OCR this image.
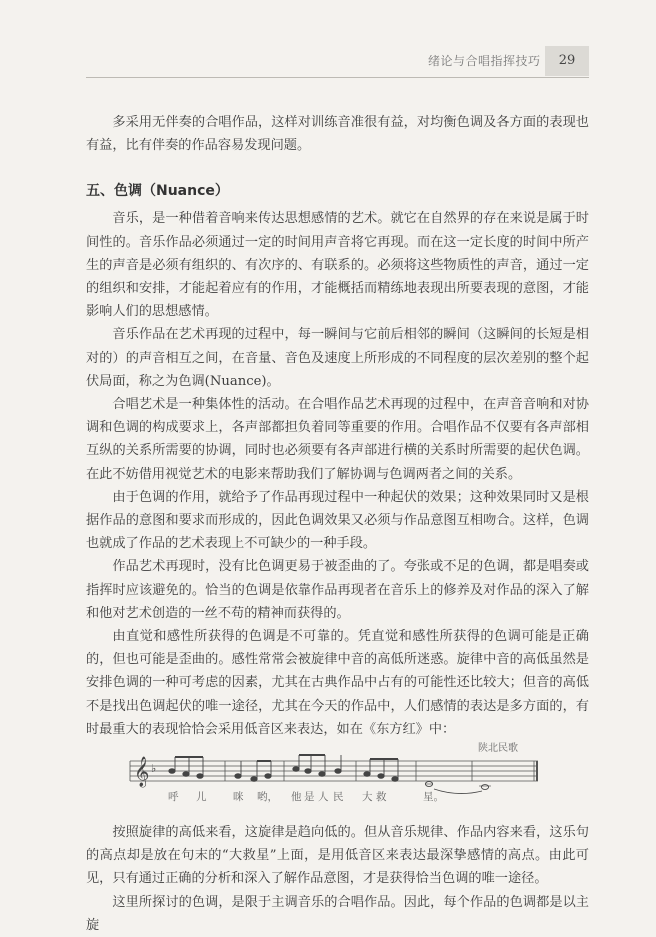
绪论与合唱指挥技巧	29

多采用无伴奏的合唱作品，这样对训练音准很有益，对均衡色调及各方面的表现也有益，比有伴奏的作品容易发现问题。

五、色调（Nuance）

音乐，是一种借着音响来传达思想感情的艺术。就它在自然界的存在来说是属于时间性的。音乐作品必须通过一定的时间用声音将它再现。而在这一定长度的时间中所产生的声音是必须有组织的、有次序的、有联系的。必须将这些物质性的声音，通过一定的组织和安排，才能起着应有的作用，才能概括而精练地表现出所要表现的意图，才能影响人们的思想感情。

音乐作品在艺术再现的过程中，每一瞬间与它前后相邻的瞬间（这瞬间的长短是相对的）的声音相互之间，在音量、音色及速度上所形成的不同程度的层次差别的整个起伏局面，称之为色调(Nuance)。

合唱艺术是一种集体性的活动。在合唱作品艺术再现的过程中，在声音音响和对协调和色调的构成要求上，各声部都担负着同等重要的作用。合唱作品不仅要有各声部相互纵的关系所需要的协调，同时也必须要有各声部进行横的关系时所需要的起伏色调。在此不妨借用视觉艺术的电影来帮助我们了解协调与色调两者之间的关系。

由于色调的作用，就给予了作品再现过程中一种起伏的效果；这种效果同时又是根据作品的意图和要求而形成的，因此色调效果又必须与作品意图互相吻合。这样，色调也就成了作品的艺术表现上不可缺少的一种手段。

作品艺术再现时，没有比色调更易于被歪曲的了。夸张或不足的色调，都是唱奏或指挥时应该避免的。恰当的色调是依靠作品再现者在音乐上的修养及对作品的深入了解和他对艺术创造的一丝不苟的精神而获得的。

由直觉和感性所获得的色调是不可靠的。凭直觉和感性所获得的色调可能是正确的，但也可能是歪曲的。感性常常会被旋律中音的高低所迷惑。旋律中音的高低虽然是安排色调的一种可考虑的因素，尤其在古典作品中占有的可能性还比较大；但音的高低不是找出色调起伏的唯一途径，尤其在今天的作品中，人们感情的表达是多方面的，有时最重大的表现恰恰会采用低音区来表达，如在《东方红》中：

陕北民歌
𝄞 ♭
呼 儿	咪 哟， 他 是 人 民 大 救	星。

按照旋律的高低来看，这旋律是趋向低的。但从音乐规律、作品内容来看，这乐句的高点却是放在句末的“大救星”上面，是用低音区来表达最深挚感情的高点。由此可见，只有通过正确的分析和深入了解作品意图，才是获得恰当色调的唯一途径。

这里所探讨的色调，是限于主调音乐的合唱作品。因此，每个作品的色调都是以主旋
